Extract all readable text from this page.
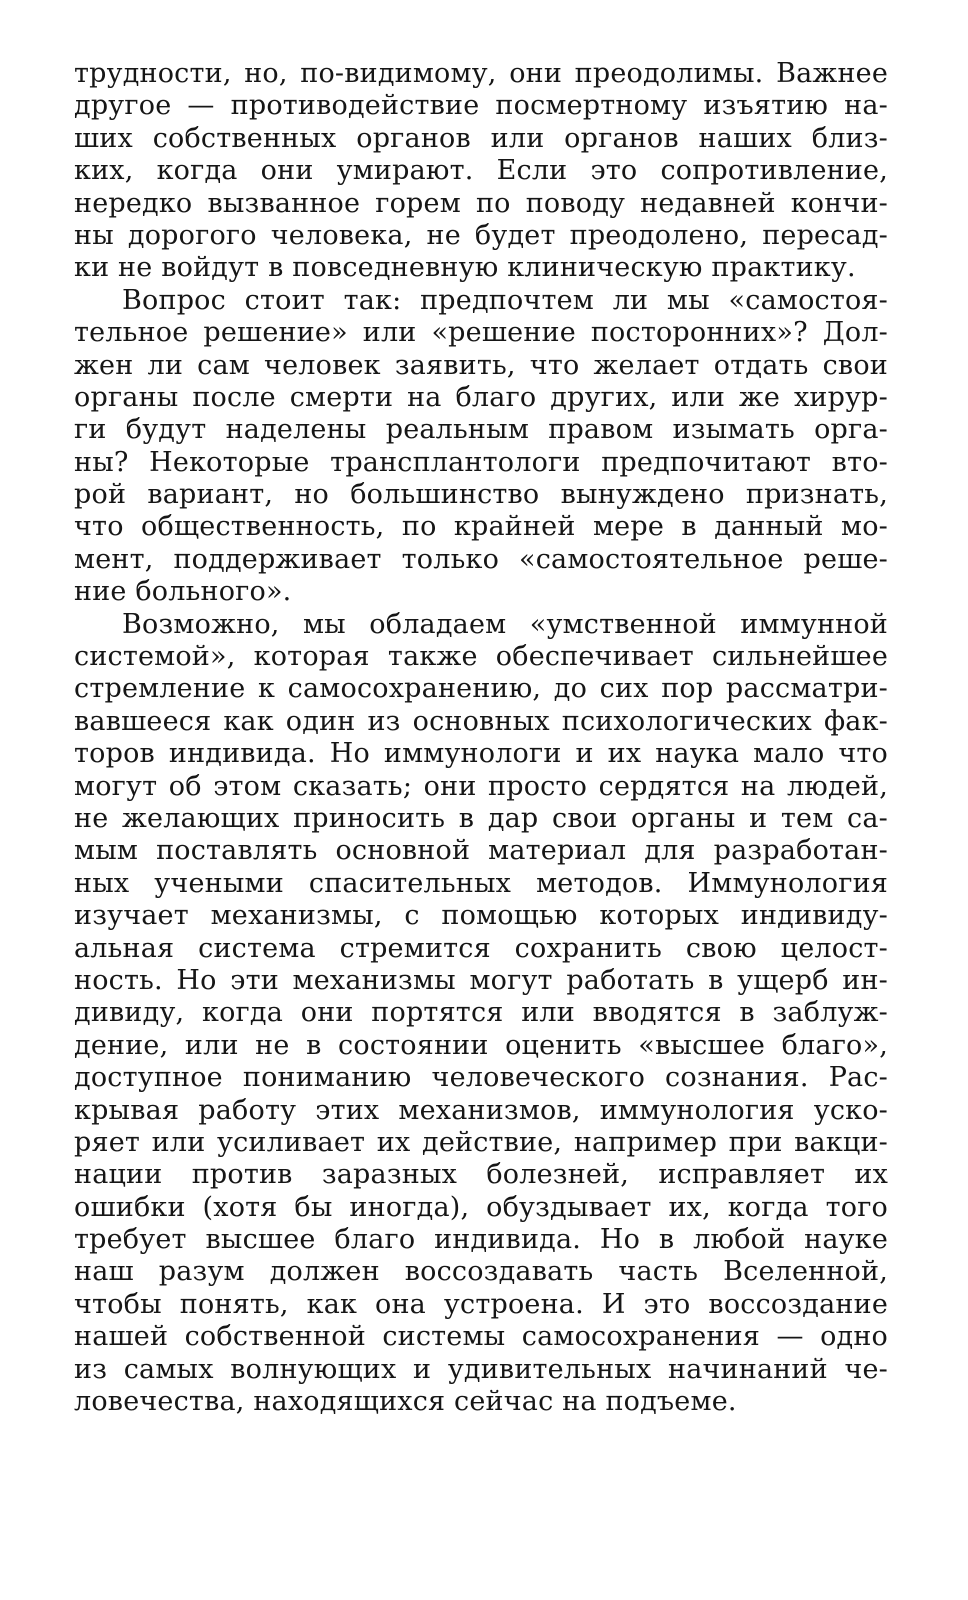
трудности, но, по-видимому, они преодолимы. Важнее
другое — противодействие посмертному изъятию на-
ших собственных органов или органов наших близ-
ких, когда они умирают. Если это сопротивление,
нередко вызванное горем по поводу недавней кончи-
ны дорогого человека, не будет преодолено, пересад-
ки не войдут в повседневную клиническую практику.
Вопрос стоит так: предпочтем ли мы «самостоя-
тельное решение» или «решение посторонних»? Дол-
жен ли сам человек заявить, что желает отдать свои
органы после смерти на благо других, или же хирур-
ги будут наделены реальным правом изымать орга-
ны? Некоторые трансплантологи предпочитают вто-
рой вариант, но большинство вынуждено признать,
что общественность, по крайней мере в данный мо-
мент, поддерживает только «самостоятельное реше-
ние больного».
Возможно, мы обладаем «умственной иммунной
системой», которая также обеспечивает сильнейшее
стремление к самосохранению, до сих пор рассматри-
вавшееся как один из основных психологических фак-
торов индивида. Но иммунологи и их наука мало что
могут об этом сказать; они просто сердятся на людей,
не желающих приносить в дар свои органы и тем са-
мым поставлять основной материал для разработан-
ных учеными спасительных методов. Иммунология
изучает механизмы, с помощью которых индивиду-
альная система стремится сохранить свою целост-
ность. Но эти механизмы могут работать в ущерб ин-
дивиду, когда они портятся или вводятся в заблуж-
дение, или не в состоянии оценить «высшее благо»,
доступное пониманию человеческого сознания. Рас-
крывая работу этих механизмов, иммунология уско-
ряет или усиливает их действие, например при вакци-
нации против заразных болезней, исправляет их
ошибки (хотя бы иногда), обуздывает их, когда того
требует высшее благо индивида. Но в любой науке
наш разум должен воссоздавать часть Вселенной,
чтобы понять, как она устроена. И это воссоздание
нашей собственной системы самосохранения — одно
из самых волнующих и удивительных начинаний че-
ловечества, находящихся сейчас на подъеме.
